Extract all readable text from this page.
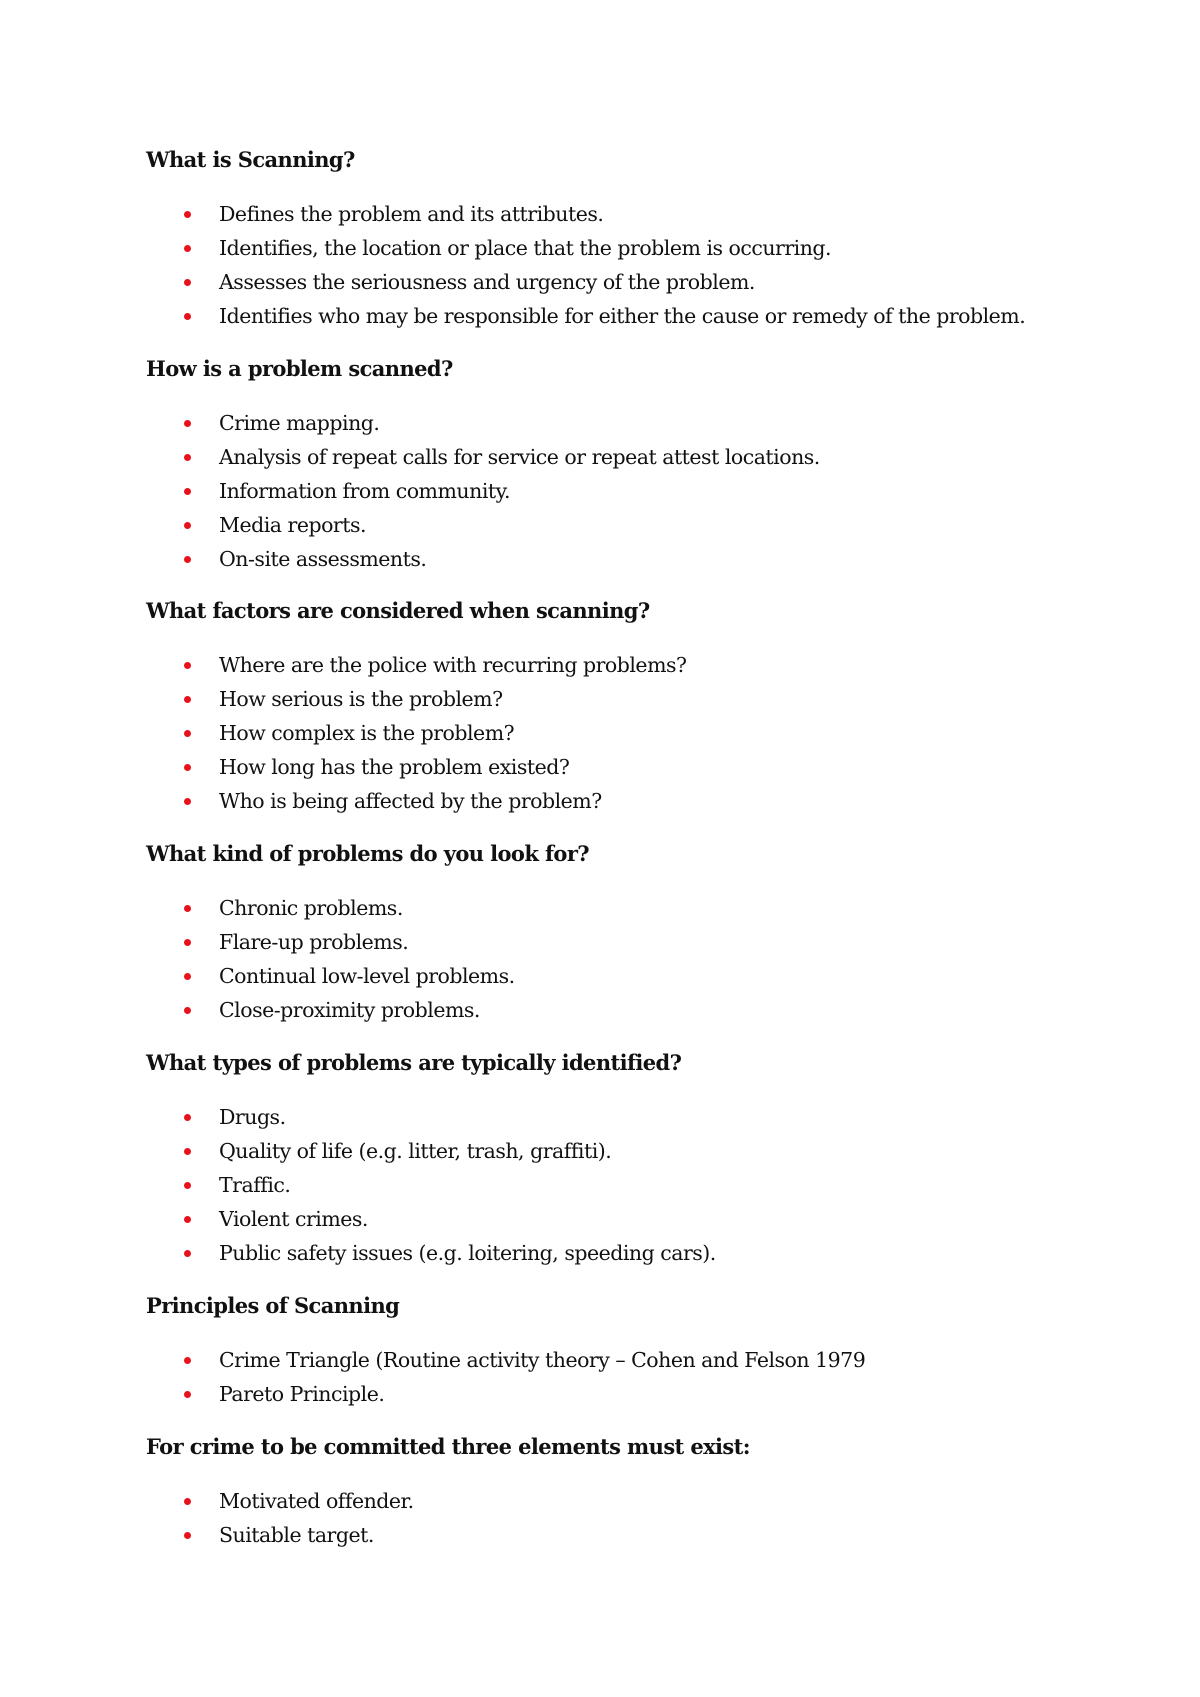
What is Scanning?
Defines the problem and its attributes.
Identifies, the location or place that the problem is occurring.
Assesses the seriousness and urgency of the problem.
Identifies who may be responsible for either the cause or remedy of the problem.
How is a problem scanned?
Crime mapping.
Analysis of repeat calls for service or repeat attest locations.
Information from community.
Media reports.
On-site assessments.
What factors are considered when scanning?
Where are the police with recurring problems?
How serious is the problem?
How complex is the problem?
How long has the problem existed?
Who is being affected by the problem?
What kind of problems do you look for?
Chronic problems.
Flare-up problems.
Continual low-level problems.
Close-proximity problems.
What types of problems are typically identified?
Drugs.
Quality of life (e.g. litter, trash, graffiti).
Traffic.
Violent crimes.
Public safety issues (e.g. loitering, speeding cars).
Principles of Scanning
Crime Triangle (Routine activity theory – Cohen and Felson 1979
Pareto Principle.
For crime to be committed three elements must exist:
Motivated offender.
Suitable target.
